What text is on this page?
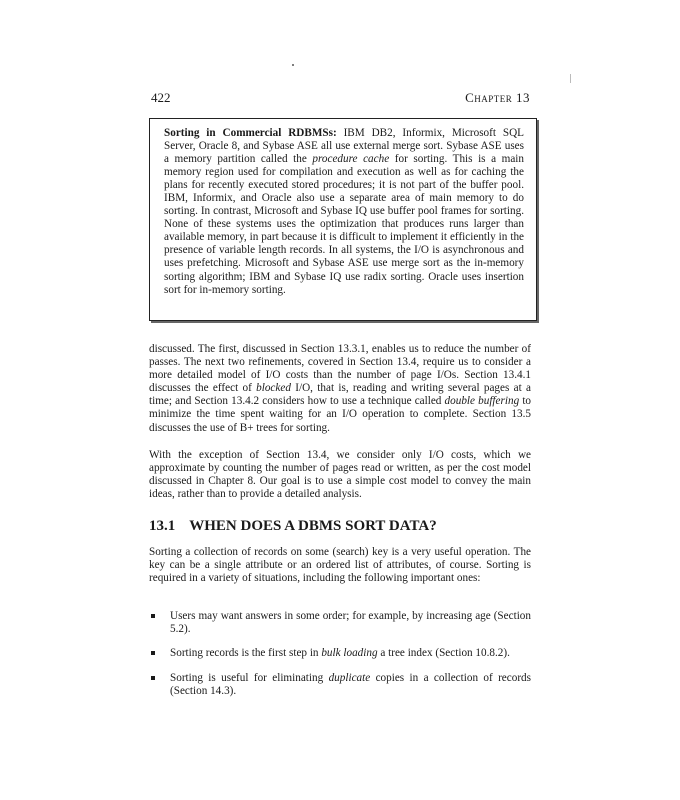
422	Chapter 13
Sorting in Commercial RDBMSs: IBM DB2, Informix, Microsoft SQL Server, Oracle 8, and Sybase ASE all use external merge sort. Sybase ASE uses a memory partition called the procedure cache for sorting. This is a main memory region used for compilation and execution as well as for caching the plans for recently executed stored procedures; it is not part of the buffer pool. IBM, Informix, and Oracle also use a separate area of main memory to do sorting. In contrast, Microsoft and Sybase IQ use buffer pool frames for sorting. None of these systems uses the optimization that produces runs larger than available memory, in part because it is difficult to implement it efficiently in the presence of variable length records. In all systems, the I/O is asynchronous and uses prefetching. Microsoft and Sybase ASE use merge sort as the in-memory sorting algorithm; IBM and Sybase IQ use radix sorting. Oracle uses insertion sort for in-memory sorting.

discussed. The first, discussed in Section 13.3.1, enables us to reduce the number of passes. The next two refinements, covered in Section 13.4, require us to consider a more detailed model of I/O costs than the number of page I/Os. Section 13.4.1 discusses the effect of blocked I/O, that is, reading and writing several pages at a time; and Section 13.4.2 considers how to use a technique called double buffering to minimize the time spent waiting for an I/O operation to complete. Section 13.5 discusses the use of B+ trees for sorting.

With the exception of Section 13.4, we consider only I/O costs, which we approximate by counting the number of pages read or written, as per the cost model discussed in Chapter 8. Our goal is to use a simple cost model to convey the main ideas, rather than to provide a detailed analysis.

13.1 WHEN DOES A DBMS SORT DATA?

Sorting a collection of records on some (search) key is a very useful operation. The key can be a single attribute or an ordered list of attributes, of course. Sorting is required in a variety of situations, including the following important ones:

Users may want answers in some order; for example, by increasing age (Section 5.2).
Sorting records is the first step in bulk loading a tree index (Section 10.8.2).
Sorting is useful for eliminating duplicate copies in a collection of records (Section 14.3).
